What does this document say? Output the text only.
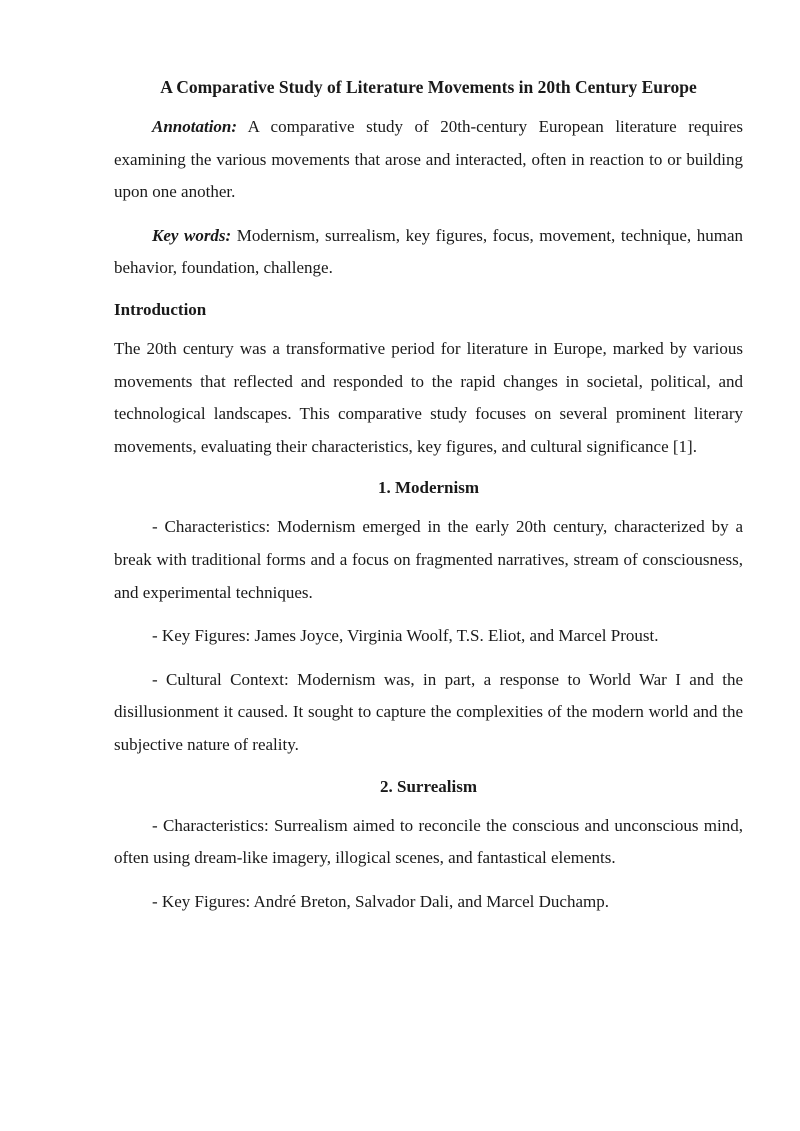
A Comparative Study of Literature Movements in 20th Century Europe

Annotation: A comparative study of 20th-century European literature requires examining the various movements that arose and interacted, often in reaction to or building upon one another.

Key words: Modernism, surrealism, key figures, focus, movement, technique, human behavior, foundation, challenge.

Introduction

The 20th century was a transformative period for literature in Europe, marked by various movements that reflected and responded to the rapid changes in societal, political, and technological landscapes. This comparative study focuses on several prominent literary movements, evaluating their characteristics, key figures, and cultural significance [1].

1. Modernism

- Characteristics: Modernism emerged in the early 20th century, characterized by a break with traditional forms and a focus on fragmented narratives, stream of consciousness, and experimental techniques.

- Key Figures: James Joyce, Virginia Woolf, T.S. Eliot, and Marcel Proust.

- Cultural Context: Modernism was, in part, a response to World War I and the disillusionment it caused. It sought to capture the complexities of the modern world and the subjective nature of reality.

2. Surrealism

- Characteristics: Surrealism aimed to reconcile the conscious and unconscious mind, often using dream-like imagery, illogical scenes, and fantastical elements.

- Key Figures: André Breton, Salvador Dali, and Marcel Duchamp.
